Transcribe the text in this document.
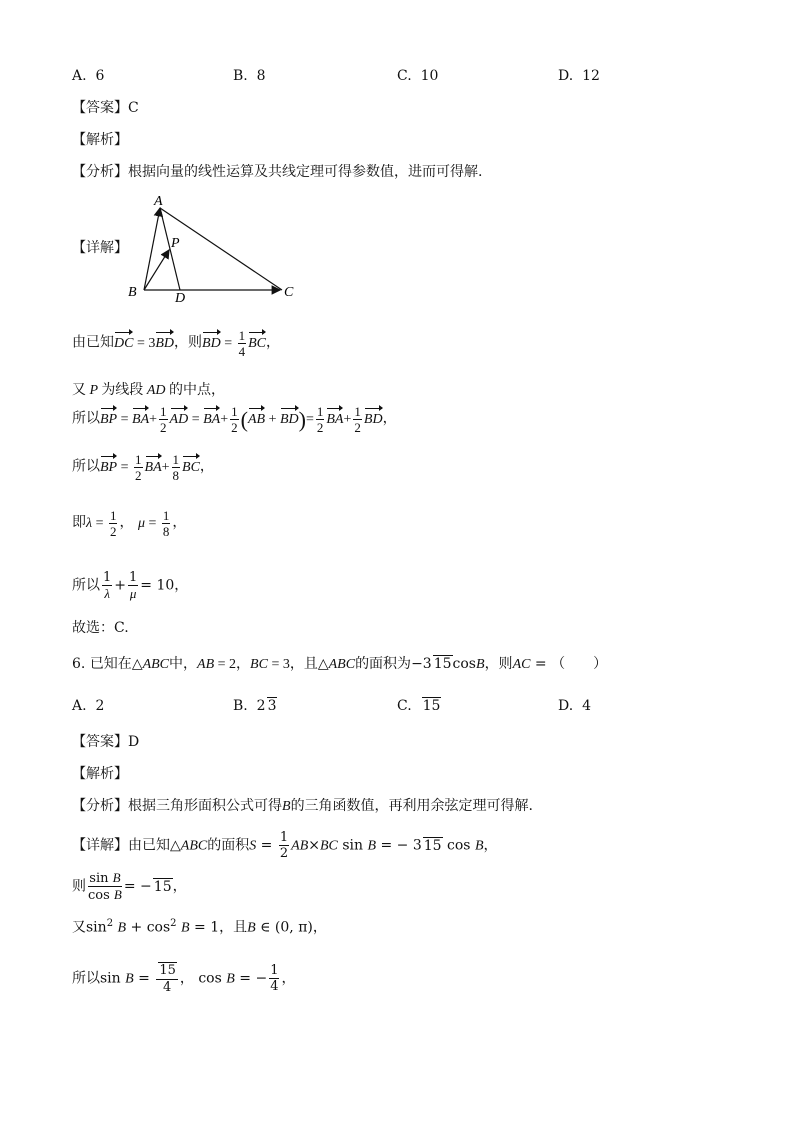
A. 6	B. 8	C. 10	D. 12
【答案】C
【解析】
【分析】根据向量的线性运算及共线定理可得参数值，进而可得解.
【详解】
A
P
B	D	C
由已知DC = 3BD，则BD = $\frac{1}{4}$ BC，
又 P 为线段 AD 的中点，
所以BP = $BA+ \frac{1}{2}$ AD = $BA+ \frac{1}{2} (AB + BD)= \frac{1}{2} BA+ \frac{1}{2}$ BD，
所以BP = $\frac{1}{2} BA+ \frac{1}{8}$ BC，
即$\lambda = \frac{1}{2}$ ， $\mu = \frac{1}{8}$ ，
所以 $\frac{1}{\lambda} + \frac{1}{\mu} = 10$，
故选：C.
6. 已知在△ABC中，AB = 2，BC = 3，且△ABC的面积为−3 15cosB，则AC = （　　）
A.  2	B.  2 3	C. 15	D.  4
【答案】D
【解析】
【分析】根据三角形面积公式可得B的三角函数值，再利用余弦定理可得解.
【详解】由已知△ABC的面积$S = \frac{1}{2} AB\times BC$ sin B = − 3 15 cos B，
则 $\frac{\text{sin B}}{\text{cos B}}$ = − 15，
又$\sin^2 B + \cos^2 B = 1$，且B ∈ (0, π)，
所以$\sin B = \frac{15}{4}$ ， cos B = − $\frac{1}{4}$ ，
